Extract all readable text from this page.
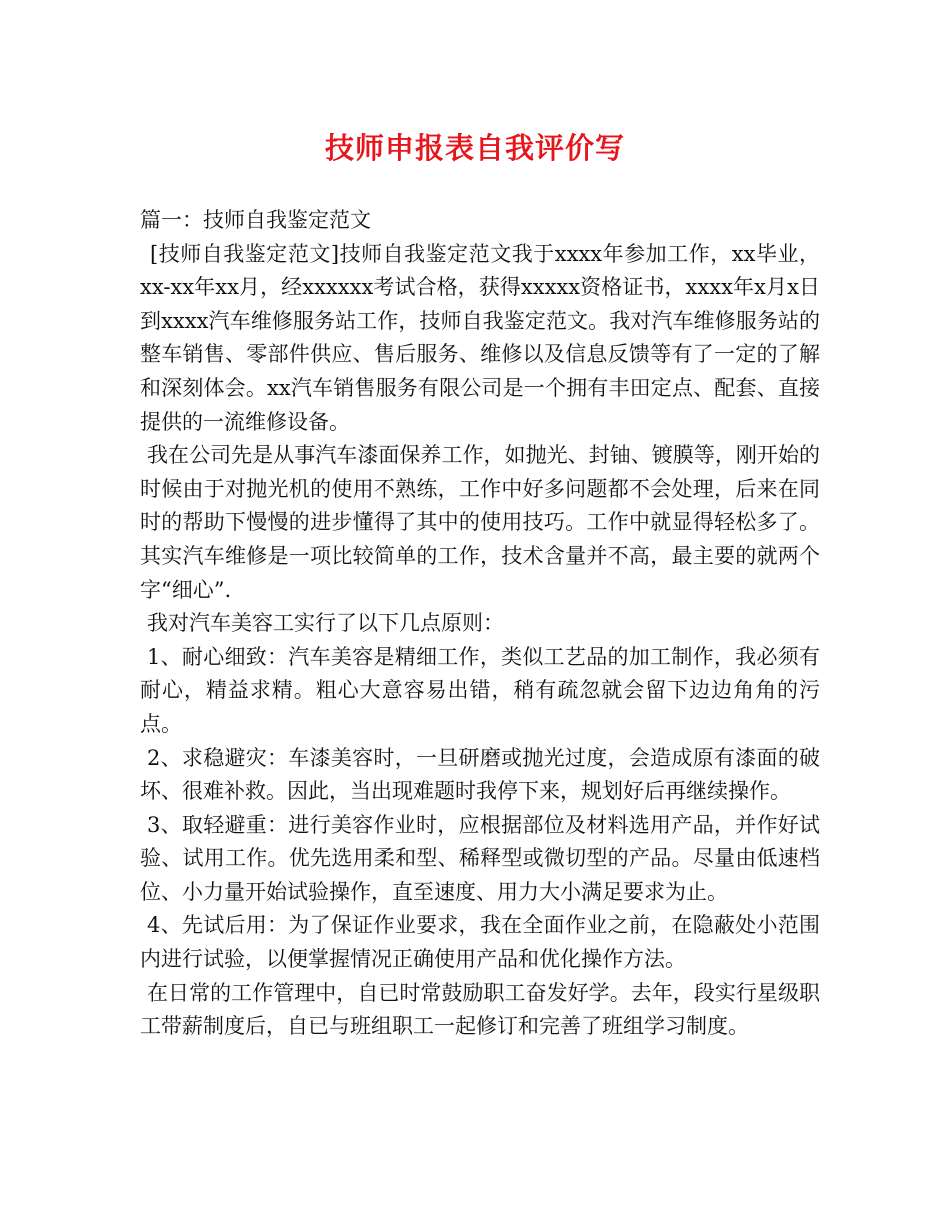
技师申报表自我评价写

篇一：技师自我鉴定范文

[技师自我鉴定范文]技师自我鉴定范文我于xxxx年参加工作，xx毕业，xx-xx年xx月，经xxxxxx考试合格，获得xxxxx资格证书，xxxx年x月x日到xxxx汽车维修服务站工作，技师自我鉴定范文。我对汽车维修服务站的整车销售、零部件供应、售后服务、维修以及信息反馈等有了一定的了解和深刻体会。xx汽车销售服务有限公司是一个拥有丰田定点、配套、直接提供的一流维修设备。

我在公司先是从事汽车漆面保养工作，如抛光、封铀、镀膜等，刚开始的时候由于对抛光机的使用不熟练，工作中好多问题都不会处理，后来在同时的帮助下慢慢的进步懂得了其中的使用技巧。工作中就显得轻松多了。其实汽车维修是一项比较简单的工作，技术含量并不高，最主要的就两个字“细心”.

我对汽车美容工实行了以下几点原则：

1、耐心细致：汽车美容是精细工作，类似工艺品的加工制作，我必须有耐心，精益求精。粗心大意容易出错，稍有疏忽就会留下边边角角的污点。

2、求稳避灾：车漆美容时，一旦研磨或抛光过度，会造成原有漆面的破坏、很难补救。因此，当出现难题时我停下来，规划好后再继续操作。

3、取轻避重：进行美容作业时，应根据部位及材料选用产品，并作好试验、试用工作。优先选用柔和型、稀释型或微切型的产品。尽量由低速档位、小力量开始试验操作，直至速度、用力大小满足要求为止。

4、先试后用：为了保证作业要求，我在全面作业之前，在隐蔽处小范围内进行试验，以便掌握情况正确使用产品和优化操作方法。

在日常的工作管理中，自已时常鼓励职工奋发好学。去年，段实行星级职工带薪制度后，自已与班组职工一起修订和完善了班组学习制度。
